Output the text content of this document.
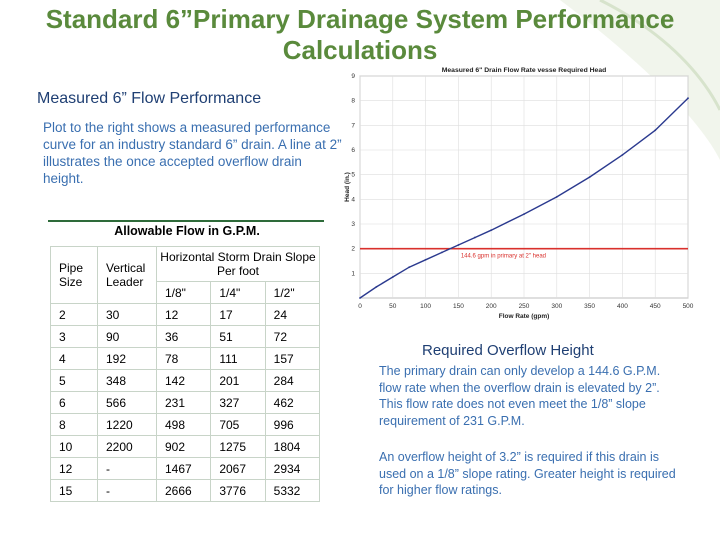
Standard 6”Primary Drainage System Performance
Calculations
Measured 6” Flow Performance
Plot to the right shows a measured performance curve for an industry standard 6” drain. A line at 2” illustrates the once accepted overflow drain height.
Allowable Flow in G.P.M.
Pipe Size	Vertical Leader	Horizontal Storm Drain Slope Per foot		
		1/8"	1/4"	1/2"
2	30	12	17	24
3	90	36	51	72
4	192	78	111	157
5	348	142	201	284
6	566	231	327	462
8	1220	498	705	996
10	2200	902	1275	1804
12	-	1467	2067	2934
15	-	2666	3776	5332
0	50	100	150	200	250	300	350	400	450	500
1
2
3
4
5
6
7
8
9
Measured 6" Drain Flow Rate vesse Required Head
Flow Rate (gpm)
Head (in.)
144.6 gpm in primary at 2" head
Required Overflow Height
The primary drain can only develop a 144.6 G.P.M. flow rate when the overflow drain is elevated by 2”. This flow rate does not even meet the 1/8” slope requirement of 231 G.P.M.
An overflow height of 3.2” is required if this drain is used on a 1/8” slope rating. Greater height is required for higher flow ratings.
